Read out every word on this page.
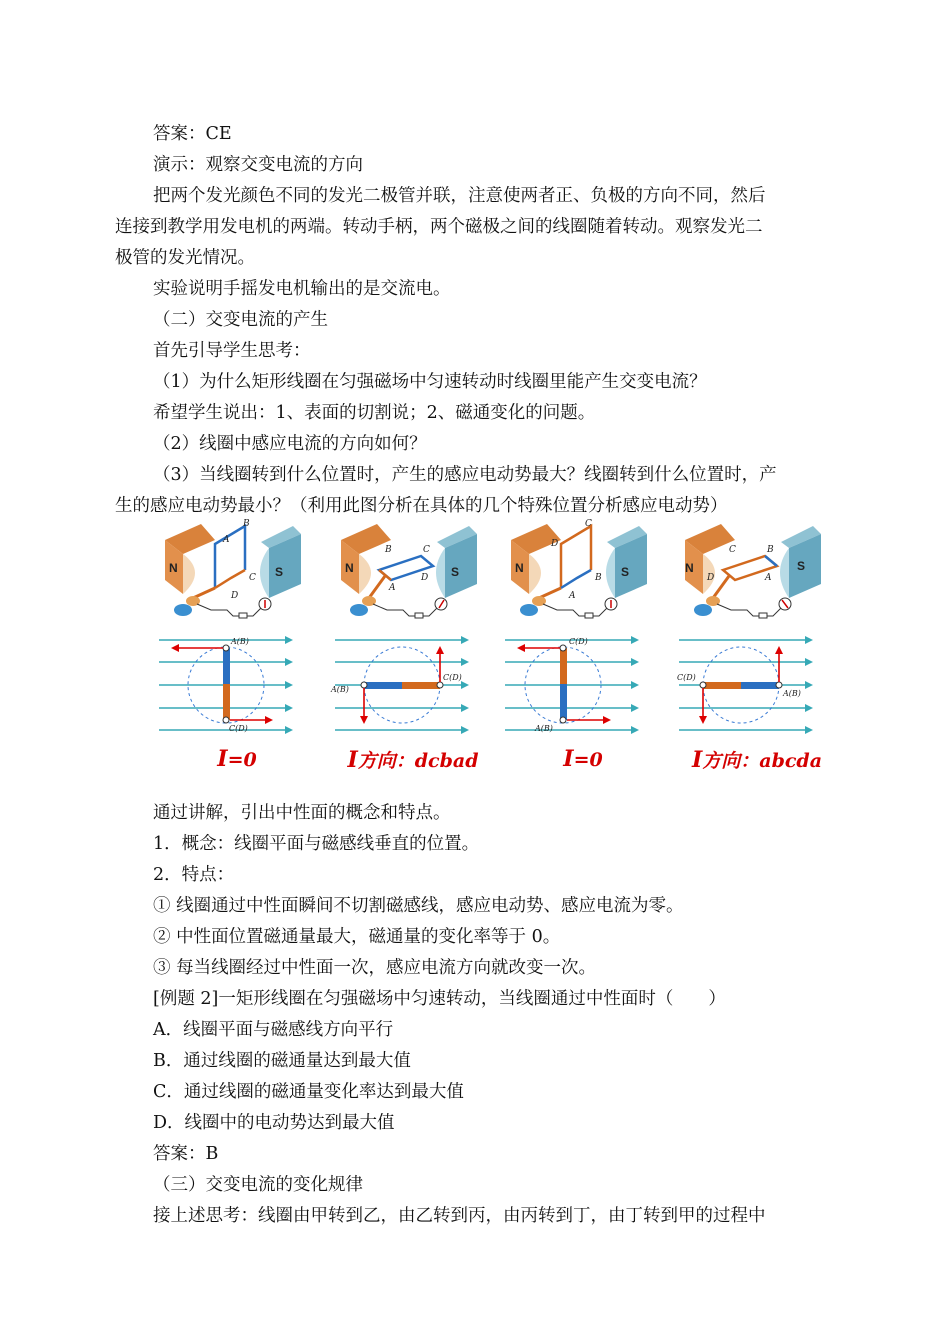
答案：CE
演示：观察交变电流的方向
把两个发光颜色不同的发光二极管并联，注意使两者正、负极的方向不同，然后
连接到教学用发电机的两端。转动手柄，两个磁极之间的线圈随着转动。观察发光二
极管的发光情况。
实验说明手摇发电机输出的是交流电。
（二）交变电流的产生
首先引导学生思考：
（1）为什么矩形线圈在匀强磁场中匀速转动时线圈里能产生交变电流？
希望学生说出：1、表面的切割说；2、磁通变化的问题。
（2）线圈中感应电流的方向如何？
（3）当线圈转到什么位置时，产生的感应电动势最大？线圈转到什么位置时，产
生的感应电动势最小？（利用此图分析在具体的几个特殊位置分析感应电动势）
N	S
A
B
C
D
A(B)
C(D)
I=0
N	S
B	C
D
A
A(B)
C(D)
I方向：dcbad
N	S
D
C
B
A
C(D)
A(B)
I=0
N	S
C
D
B
A
C(D)
A(B)
I方向：abcda
通过讲解，引出中性面的概念和特点。
1．概念：线圈平面与磁感线垂直的位置。
2．特点：
① 线圈通过中性面瞬间不切割磁感线，感应电动势、感应电流为零。
② 中性面位置磁通量最大，磁通量的变化率等于 0。
③ 每当线圈经过中性面一次，感应电流方向就改变一次。
[例题 2]一矩形线圈在匀强磁场中匀速转动，当线圈通过中性面时（　　）
A．线圈平面与磁感线方向平行
B．通过线圈的磁通量达到最大值
C．通过线圈的磁通量变化率达到最大值
D．线圈中的电动势达到最大值
答案：B
（三）交变电流的变化规律
接上述思考：线圈由甲转到乙，由乙转到丙，由丙转到丁，由丁转到甲的过程中
